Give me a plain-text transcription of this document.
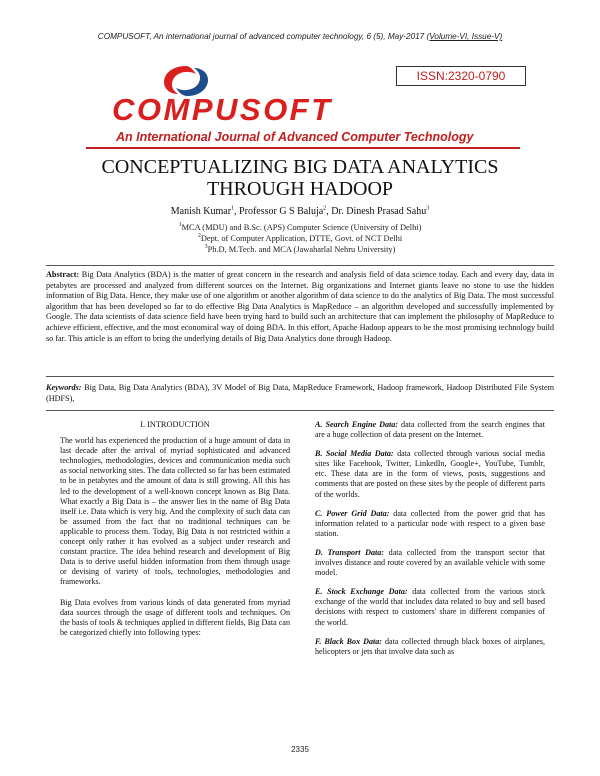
COMPUSOFT, An international journal of advanced computer technology, 6 (5), May-2017 (Volume-VI, Issue-V)
COMPUSOFT
ISSN:2320-0790
An International Journal of Advanced Computer Technology
CONCEPTUALIZING BIG DATA ANALYTICS
THROUGH HADOOP
Manish Kumar$^1$, Professor G S Baluja$^2$, Dr. Dinesh Prasad Sahu$^3$
$^1$MCA (MDU) and B.Sc. (APS) Computer Science (University of Delhi)
$^2$Dept. of Computer Application, DTTE, Govt. of NCT Delhi
$^3$Ph.D, M.Tech. and MCA (Jawaharlal Nehru University)
Abstract: Big Data Analytics (BDA) is the matter of great concern in the research and analysis field of data science today. Each and every day, data in petabytes are processed and analyzed from different sources on the Internet. Big organizations and Internet giants leave no stone to use the hidden information of Big Data. Hence, they make use of one algorithm or another algorithm of data science to do the analytics of Big Data. The most successful algorithm that has been developed so far to do effective Big Data Analytics is MapReduce – an algorithm developed and successfully implemented by Google. The data scientists of data science field have been trying hard to build such an architecture that can implement the philosophy of MapReduce to achieve efficient, effective, and the most economical way of doing BDA. In this effort, Apache Hadoop appears to be the most promising technology build so far. This article is an effort to bring the underlying details of Big Data Analytics done through Hadoop.
Keywords: Big Data, Big Data Analytics (BDA), 3V Model of Big Data, MapReduce Framework, Hadoop framework, Hadoop Distributed File System (HDFS),
I. INTRODUCTION

The world has experienced the production of a huge amount of data in last decade after the arrival of myriad sophisticated and advanced technologies, methodologies, devices and communication media such as social networking sites. The data collected so far has been estimated to be in petabytes and the amount of data is still growing. All this has led to the development of a well-known concept known as Big Data. What exactly a Big Data is – the answer lies in the name of Big Data itself i.e. Data which is very big. And the complexity of such data can be assumed from the fact that no traditional techniques can be applicable to process them. Today, Big Data is not restricted within a concept only rather it has evolved as a subject under research and constant practice. The idea behind research and development of Big Data is to derive useful hidden information from them through usage or devising of variety of tools, technologies, methodologies and frameworks.

Big Data evolves from various kinds of data generated from myriad data sources through the usage of different tools and techniques. On the basis of tools & techniques applied in different fields, Big Data can be categorized chiefly into following types:

A. Search Engine Data: data collected from the search engines that are a huge collection of data present on the Internet.
B. Social Media Data: data collected through various social media sites like Facebook, Twitter, LinkedIn, Google+, YouTube, Tumblr, etc. These data are in the form of views, posts, suggestions and comments that are posted on these sites by the people of different parts of the worlds.
C. Power Grid Data: data collected from the power grid that has information related to a particular node with respect to a given base station.
D. Transport Data: data collected from the transport sector that involves distance and route covered by an available vehicle with some model.
E. Stock Exchange Data: data collected from the various stock exchange of the world that includes data related to buy and sell based decisions with respect to customers' share in different companies of the world.
F. Black Box Data: data collected through black boxes of airplanes, helicopters or jets that involve data such as
2335
